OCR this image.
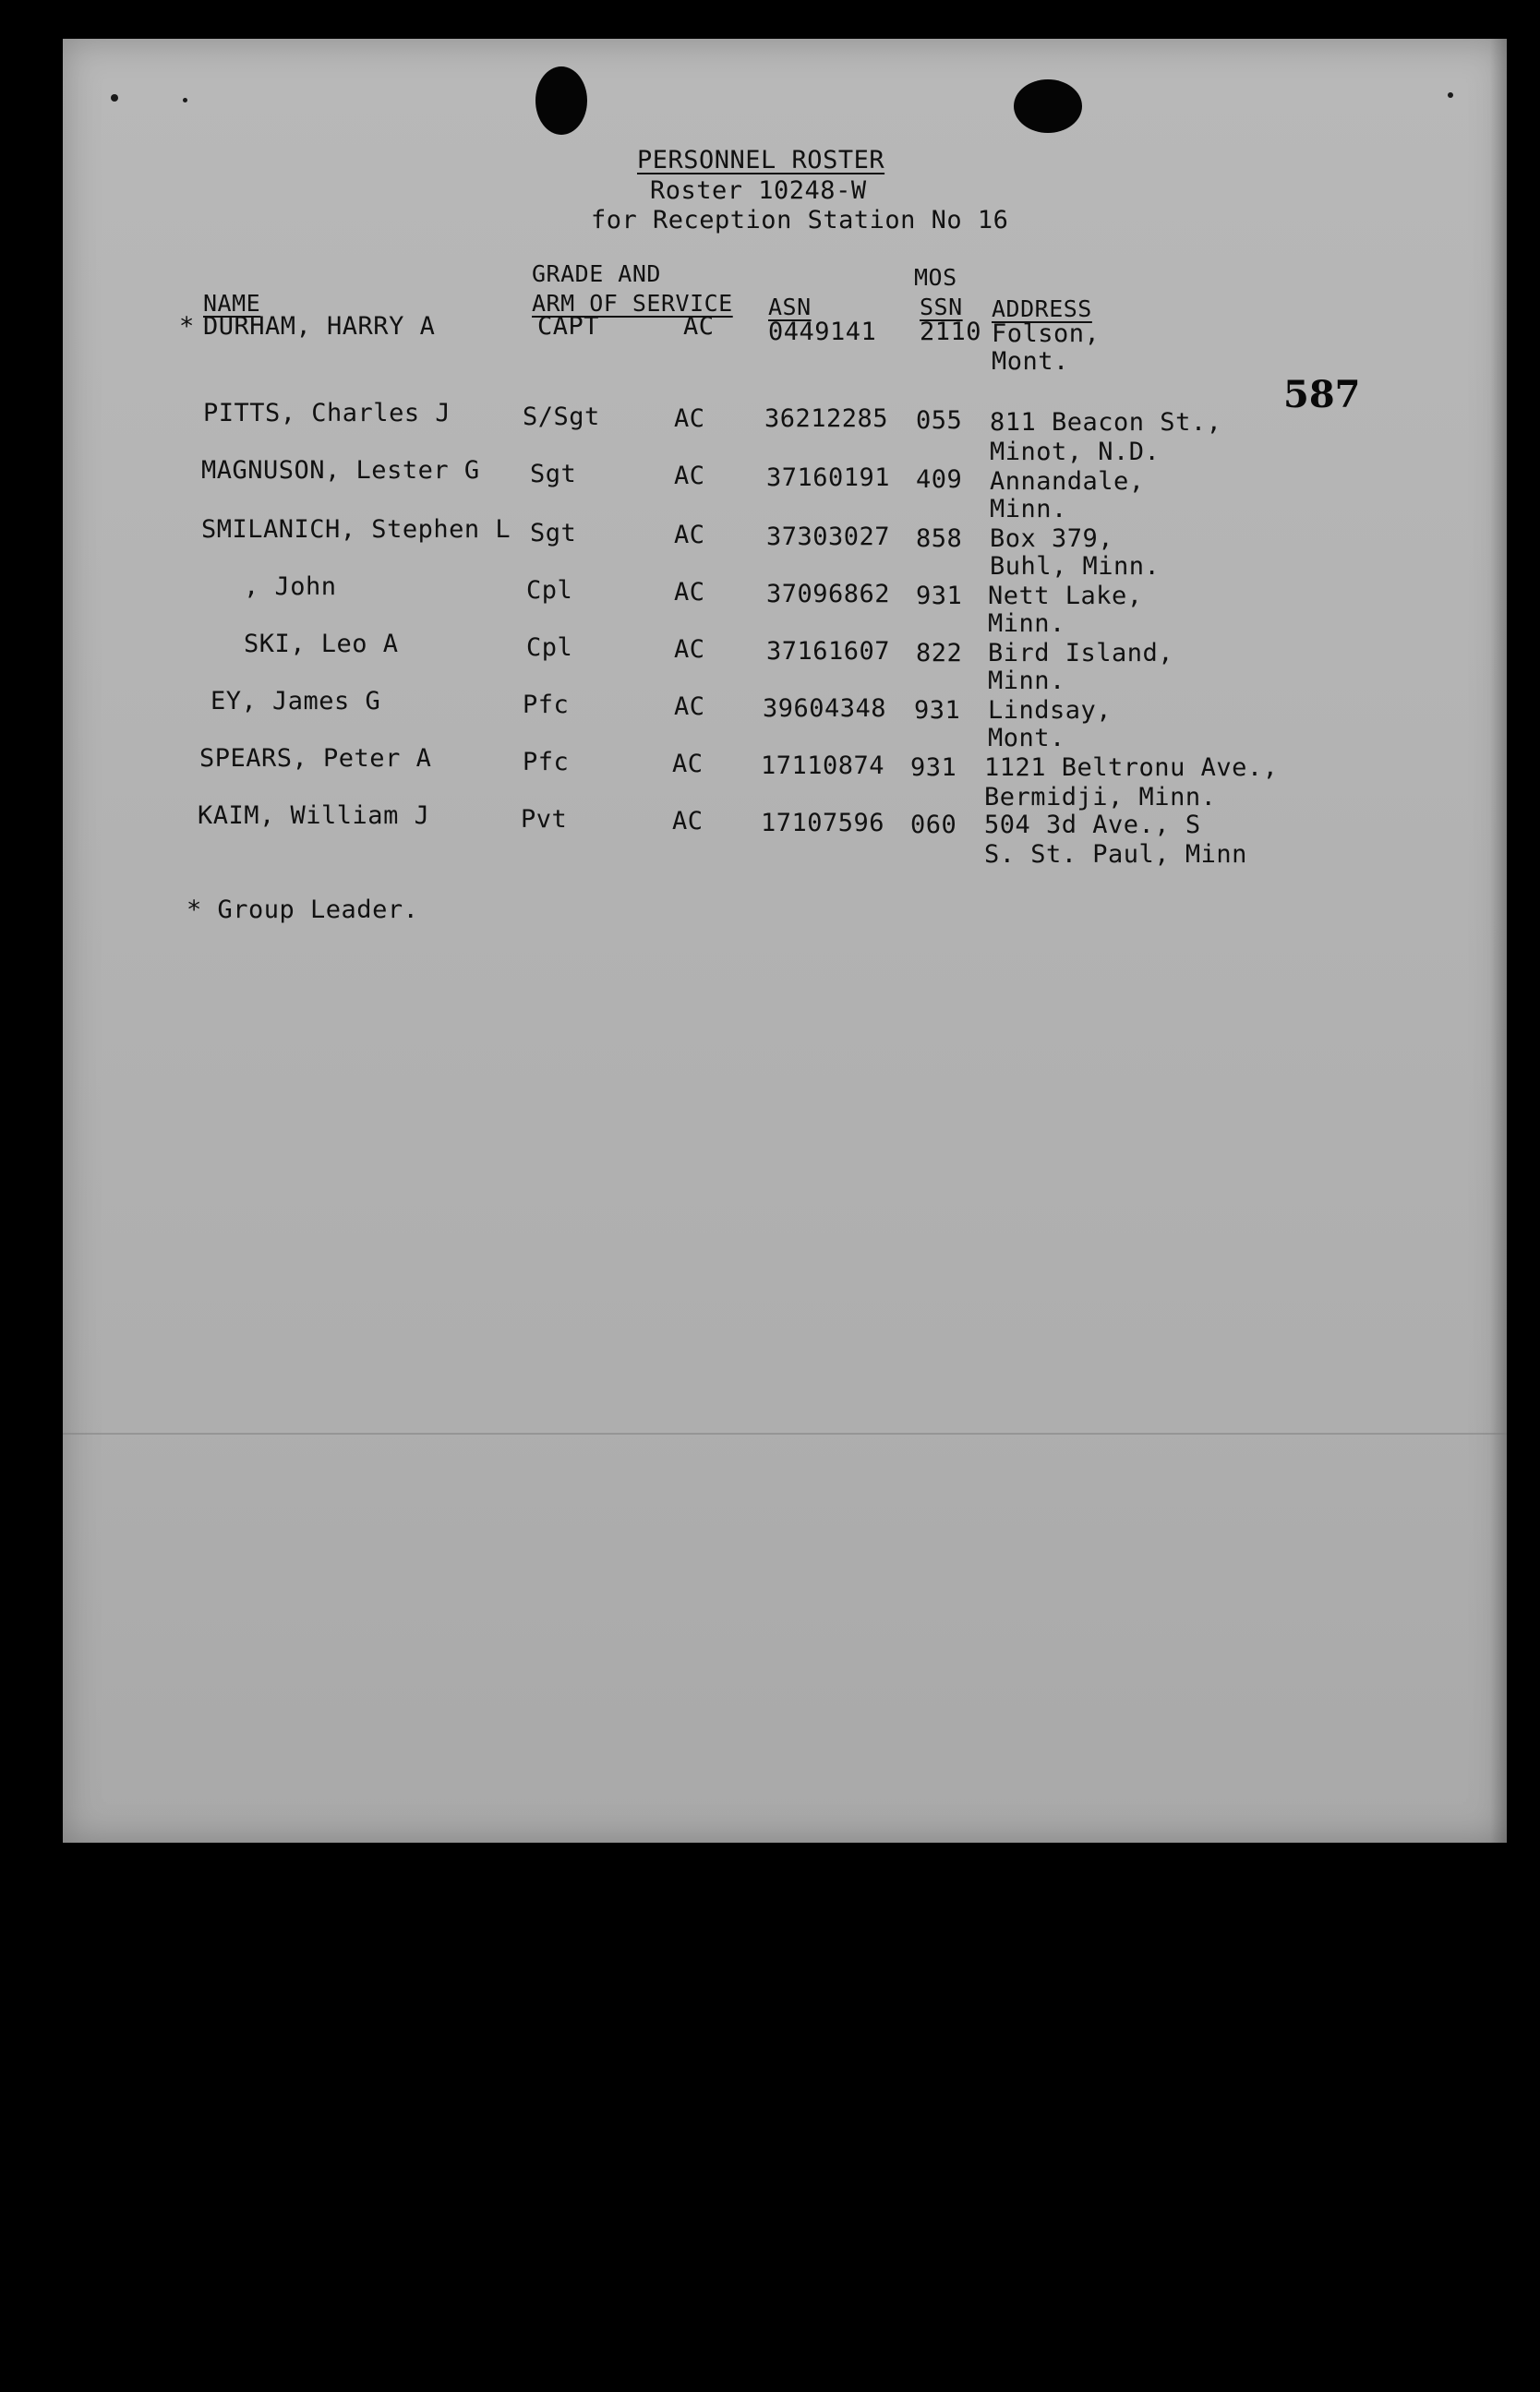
PERSONNEL ROSTER
Roster 10248-W
for Reception Station No 16
587
GRADE AND	MOS
NAME	ARM OF SERVICE ASN	SSN ADDRESS
* DURHAM, HARRY A	CAPT	AC 0449141 2110 Folson,
Mont.
PITTS, Charles J	S/Sgt	AC 36212285 055 811 Beacon St.,
Minot, N.D.
MAGNUSON, Lester G Sgt	AC 37160191 409 Annandale,
Minn.
SMILANICH, Stephen L Sgt	AC 37303027 858 Box 379,
Buhl, Minn.
, John	Cpl	AC 37096862 931 Nett Lake,
Minn.
SKI, Leo A	Cpl	AC 37161607 822 Bird Island,
Minn.
EY, James G	Pfc	AC 39604348 931 Lindsay,
Mont.
SPEARS, Peter A	Pfc	AC 17110874 931 1121 Beltronu Ave.,
Bermidji, Minn.
KAIM, William J	Pvt	AC 17107596 060 504 3d Ave., S
S. St. Paul, Minn
* Group Leader.
